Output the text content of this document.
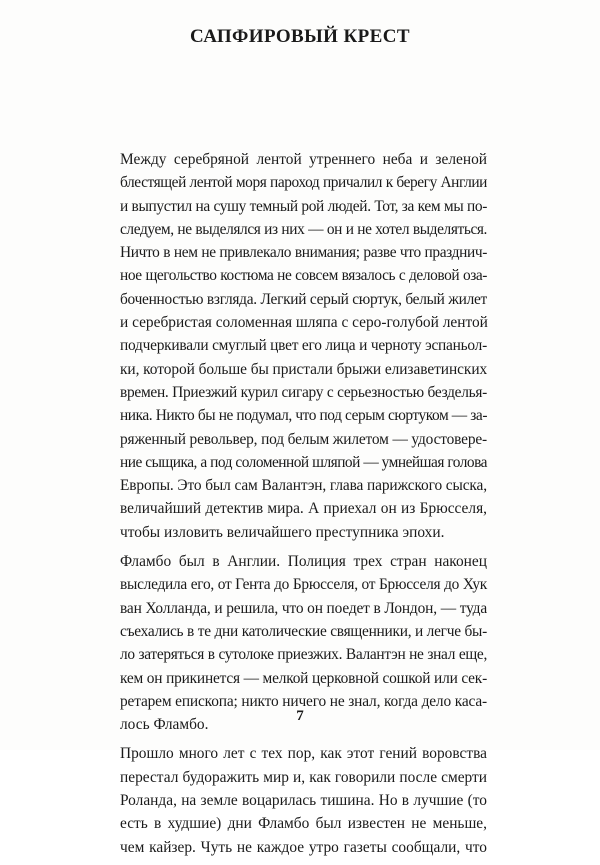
САПФИРОВЫЙ КРЕСТ
Между серебряной лентой утреннего неба и зеленой
блестящей лентой моря пароход причалил к берегу Англии
и выпустил на сушу темный рой людей. Тот, за кем мы по-
следуем, не выделялся из них — он и не хотел выделяться.
Ничто в нем не привлекало внимания; разве что празднич-
ное щегольство костюма не совсем вязалось с деловой оза-
боченностью взгляда. Легкий серый сюртук, белый жилет
и серебристая соломенная шляпа с серо-голубой лентой
подчеркивали смуглый цвет его лица и черноту эспаньол-
ки, которой больше бы пристали брыжи елизаветинских
времен. Приезжий курил сигару с серьезностью безделья-
ника. Никто бы не подумал, что под серым сюртуком — за-
ряженный револьвер, под белым жилетом — удостовере-
ние сыщика, а под соломенной шляпой — умнейшая голова
Европы. Это был сам Валантэн, глава парижского сыска,
величайший детектив мира. А приехал он из Брюсселя,
чтобы изловить величайшего преступника эпохи.
Фламбо был в Англии. Полиция трех стран наконец
выследила его, от Гента до Брюсселя, от Брюсселя до Хук
ван Холланда, и решила, что он поедет в Лондон, — туда
съехались в те дни католические священники, и легче бы-
ло затеряться в сутолоке приезжих. Валантэн не знал еще,
кем он прикинется — мелкой церковной сошкой или сек-
ретарем епископа; никто ничего не знал, когда дело каса-
лось Фламбо.
Прошло много лет с тех пор, как этот гений воровства
перестал будоражить мир и, как говорили после смерти
Роланда, на земле воцарилась тишина. Но в лучшие (то
есть в худшие) дни Фламбо был известен не меньше,
чем кайзер. Чуть не каждое утро газеты сообщали, что
7
